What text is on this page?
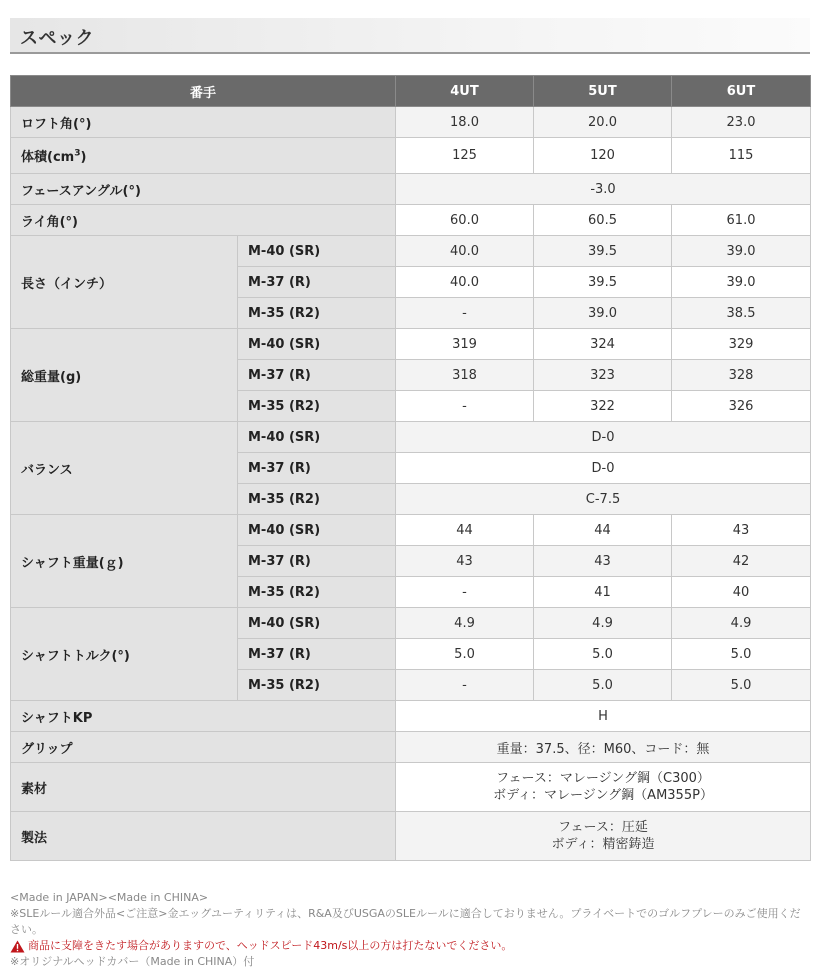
スペック
番手		4UT	5UT	6UT
ロフト角(°)		18.0	20.0	23.0
体積$(cm^3)$		125	120	115
フェースアングル(°)		-3.0		
ライ角(°)		60.0	60.5	61.0
長さ（インチ）	M-40 (SR)	40.0	39.5	39.0
	M-37 (R)	40.0	39.5	39.0
	M-35 (R2)	-	39.0	38.5
総重量(g)	M-40 (SR)	319	324	329
	M-37 (R)	318	323	328
	M-35 (R2)	-	322	326
バランス	M-40 (SR)	D-0		
	M-37 (R)	D-0		
	M-35 (R2)	C-7.5		
シャフト重量(ｇ)	M-40 (SR)	44	44	43
	M-37 (R)	43	43	42
	M-35 (R2)	-	41	40
シャフトトルク(°)	M-40 (SR)	4.9	4.9	4.9
	M-37 (R)	5.0	5.0	5.0
	M-35 (R2)	-	5.0	5.0
シャフトKP		H		
グリップ		重量：37.5、径：M60、コード：無		
素材		フェース：マレージング鋼（C300）
ボディ：マレージング鋼（AM355P）		

製法		フェース：圧延
ボディ：精密鋳造		
<Made in JAPAN><Made in CHINA>
※SLEルール適合外品<ご注意>金エッグユーティリティは、R&A及びUSGAのSLEルールに適合しておりません。プライベートでのゴルフプレーのみご使用ください。
商品に支障をきたす場合がありますので、ヘッドスピード43m/s以上の方は打たないでください。
※オリジナルヘッドカバー（Made in CHINA）付
